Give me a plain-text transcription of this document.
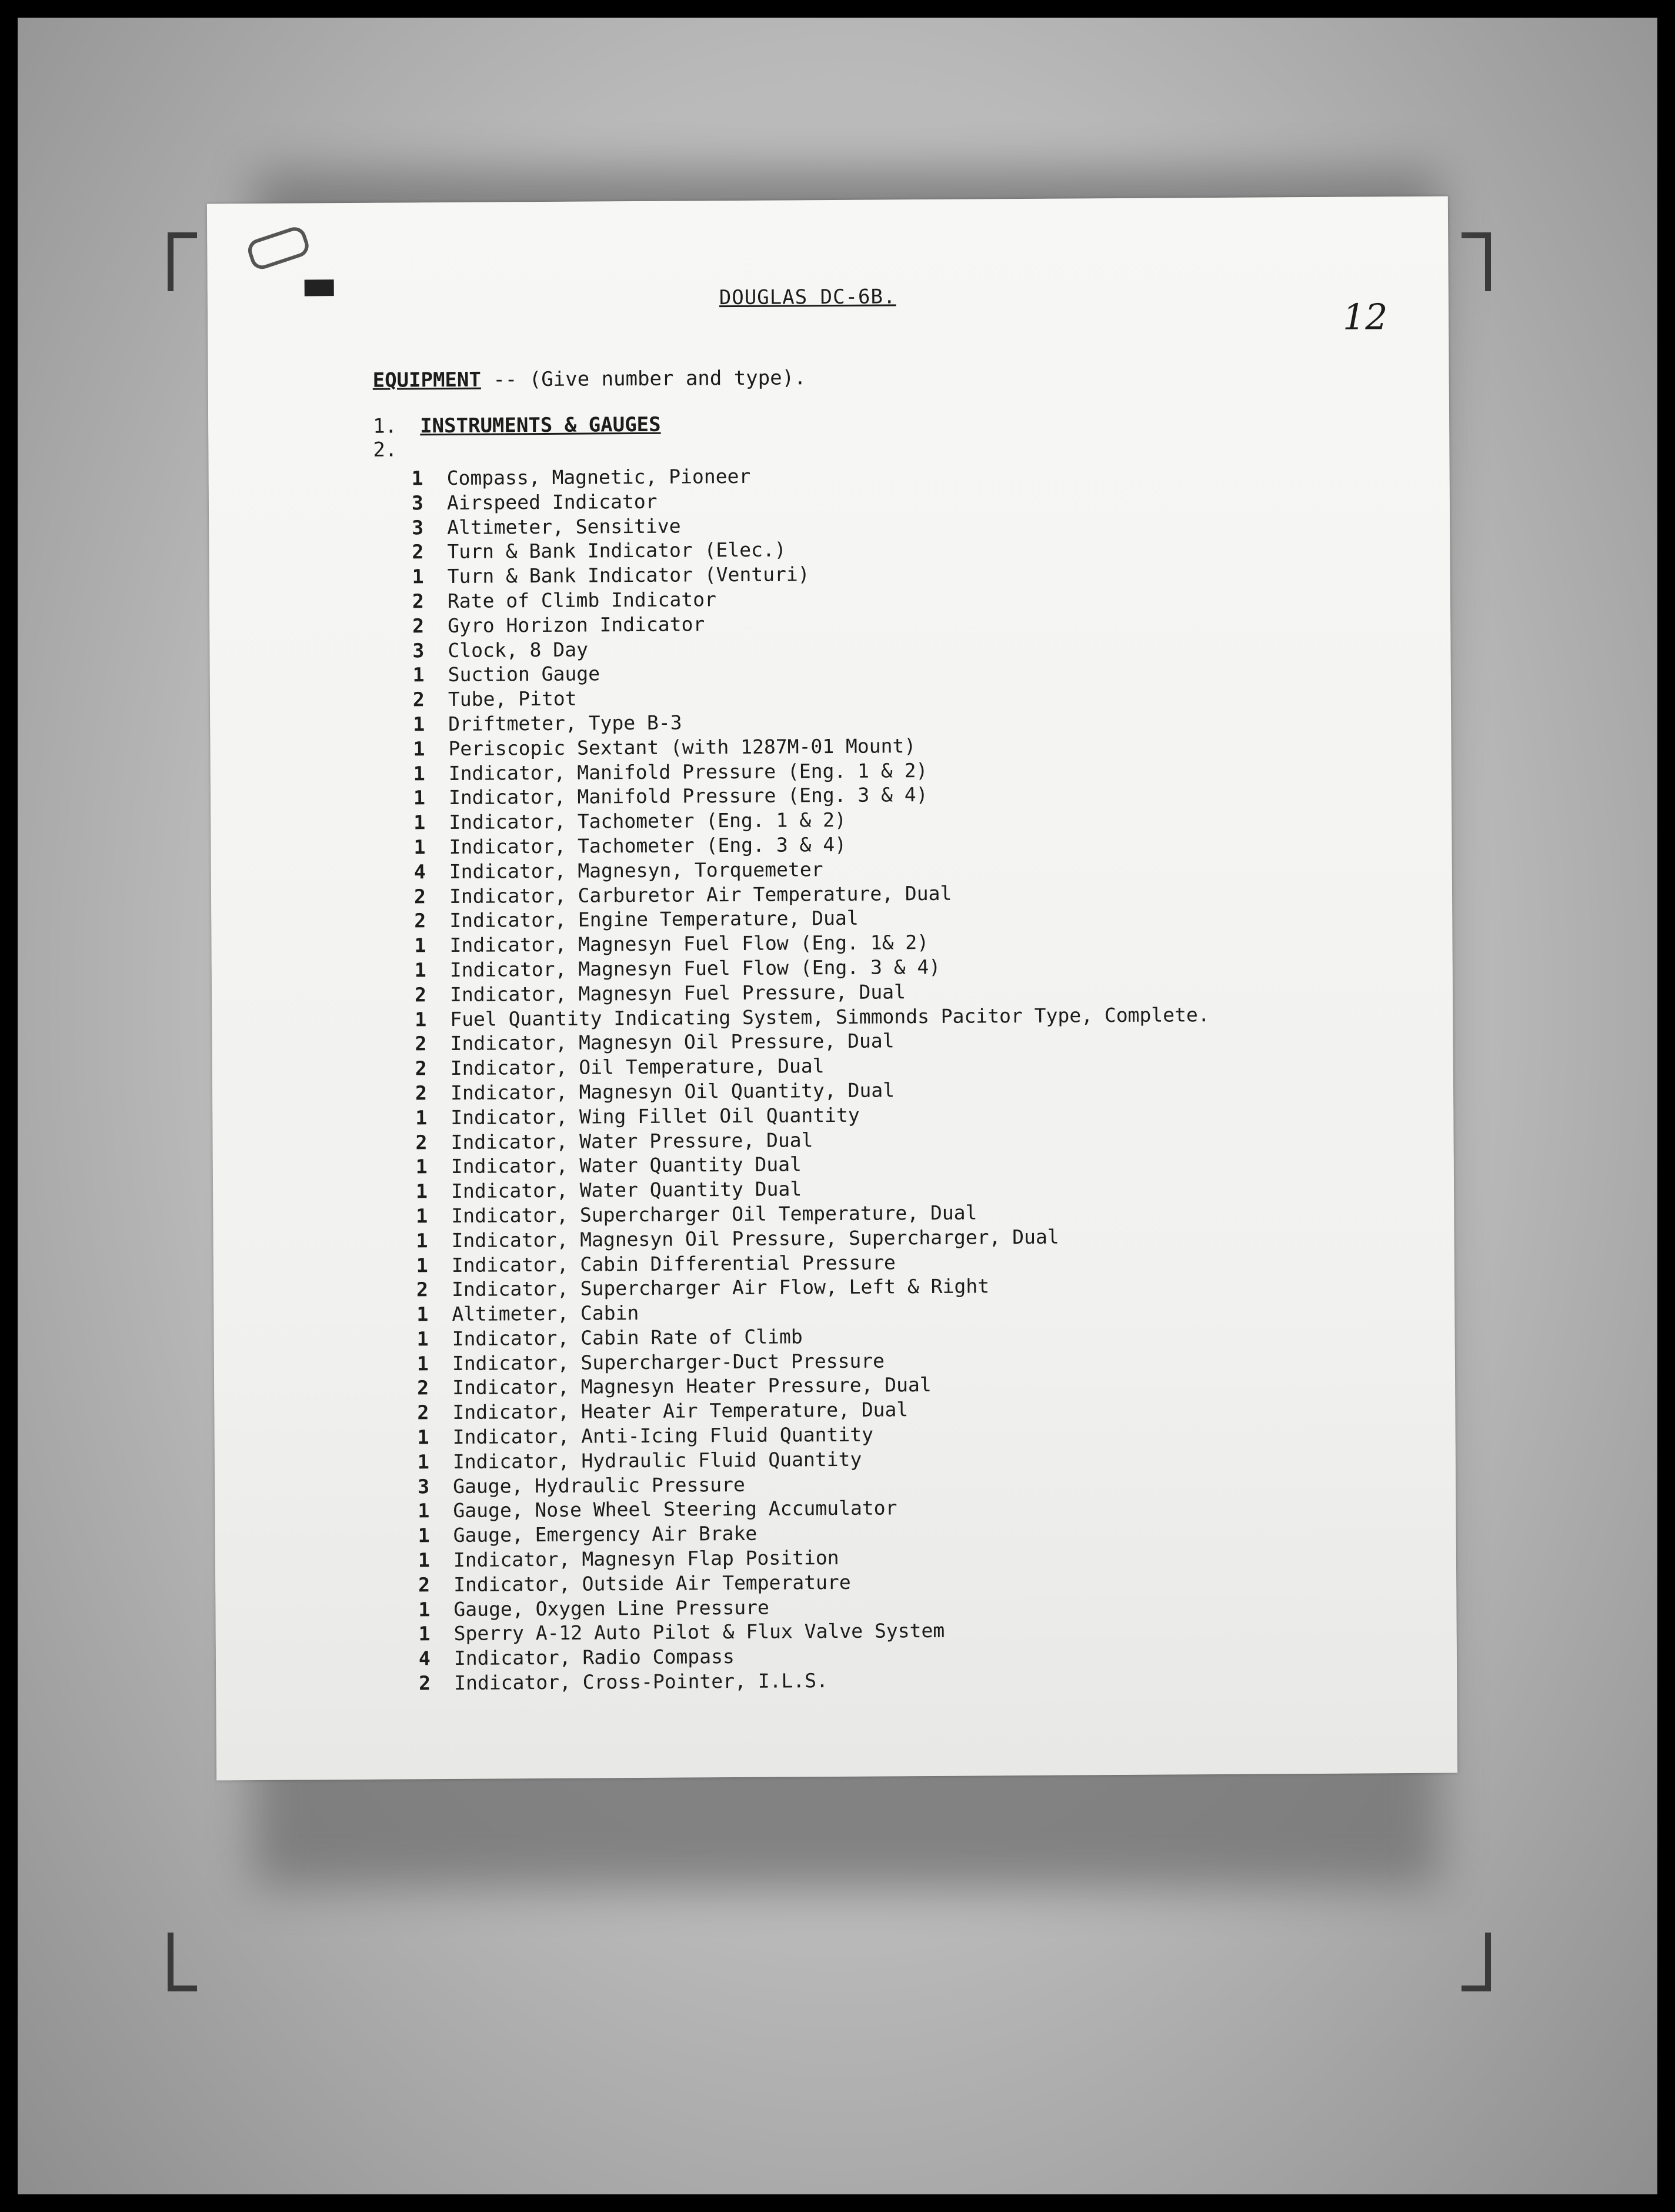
DOUGLAS DC-6B.	12
EQUIPMENT -- (Give number and type).
1. INSTRUMENTS & GAUGES
2.
1 Compass, Magnetic, Pioneer
3 Airspeed Indicator
3 Altimeter, Sensitive
2 Turn & Bank Indicator (Elec.)
1 Turn & Bank Indicator (Venturi)
2 Rate of Climb Indicator
2 Gyro Horizon Indicator
3 Clock, 8 Day
1 Suction Gauge
2 Tube, Pitot
1 Driftmeter, Type B-3
1 Periscopic Sextant (with 1287M-01 Mount)
1 Indicator, Manifold Pressure (Eng. 1 & 2)
1 Indicator, Manifold Pressure (Eng. 3 & 4)
1 Indicator, Tachometer (Eng. 1 & 2)
1 Indicator, Tachometer (Eng. 3 & 4)
4 Indicator, Magnesyn, Torquemeter
2 Indicator, Carburetor Air Temperature, Dual
2 Indicator, Engine Temperature, Dual
1 Indicator, Magnesyn Fuel Flow (Eng. 1& 2)
1 Indicator, Magnesyn Fuel Flow (Eng. 3 & 4)
2 Indicator, Magnesyn Fuel Pressure, Dual
1 Fuel Quantity Indicating System, Simmonds Pacitor Type, Complete.
2 Indicator, Magnesyn Oil Pressure, Dual
2 Indicator, Oil Temperature, Dual
2 Indicator, Magnesyn Oil Quantity, Dual
1 Indicator, Wing Fillet Oil Quantity
2 Indicator, Water Pressure, Dual
1 Indicator, Water Quantity Dual
1 Indicator, Water Quantity Dual
1 Indicator, Supercharger Oil Temperature, Dual
1 Indicator, Magnesyn Oil Pressure, Supercharger, Dual
1 Indicator, Cabin Differential Pressure
2 Indicator, Supercharger Air Flow, Left & Right
1 Altimeter, Cabin
1 Indicator, Cabin Rate of Climb
1 Indicator, Supercharger-Duct Pressure
2 Indicator, Magnesyn Heater Pressure, Dual
2 Indicator, Heater Air Temperature, Dual
1 Indicator, Anti-Icing Fluid Quantity
1 Indicator, Hydraulic Fluid Quantity
3 Gauge, Hydraulic Pressure
1 Gauge, Nose Wheel Steering Accumulator
1 Gauge, Emergency Air Brake
1 Indicator, Magnesyn Flap Position
2 Indicator, Outside Air Temperature
1 Gauge, Oxygen Line Pressure
1 Sperry A-12 Auto Pilot & Flux Valve System
4 Indicator, Radio Compass
2 Indicator, Cross-Pointer, I.L.S.
